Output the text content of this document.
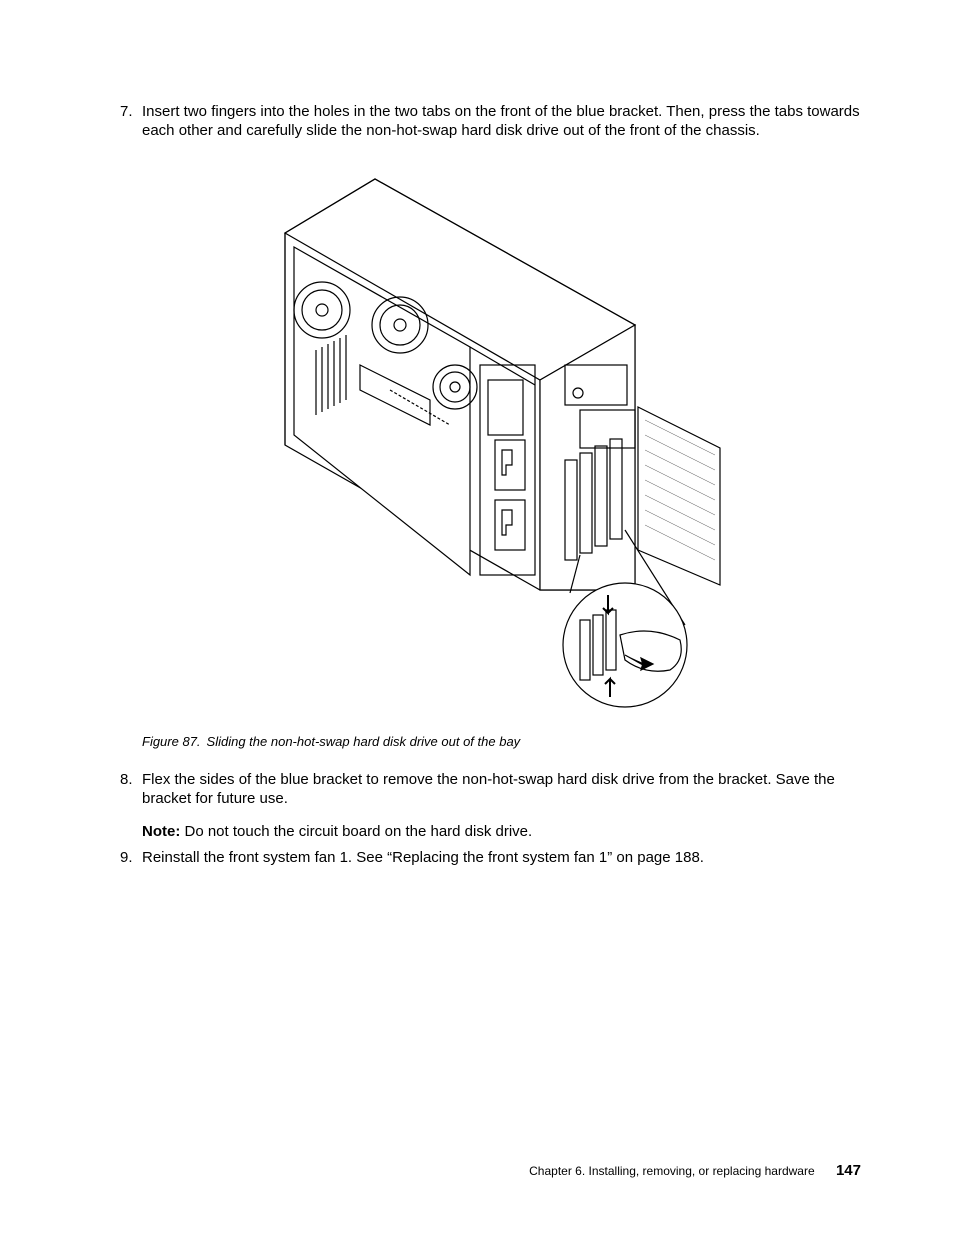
7. Insert two fingers into the holes in the two tabs on the front of the blue bracket. Then, press the tabs towards each other and carefully slide the non-hot-swap hard disk drive out of the front of the chassis.
Figure 87. Sliding the non-hot-swap hard disk drive out of the bay
8. Flex the sides of the blue bracket to remove the non-hot-swap hard disk drive from the bracket. Save the bracket for future use.
Note: Do not touch the circuit board on the hard disk drive.
9. Reinstall the front system fan 1. See “Replacing the front system fan 1” on page 188.
Chapter 6. Installing, removing, or replacing hardware 147
